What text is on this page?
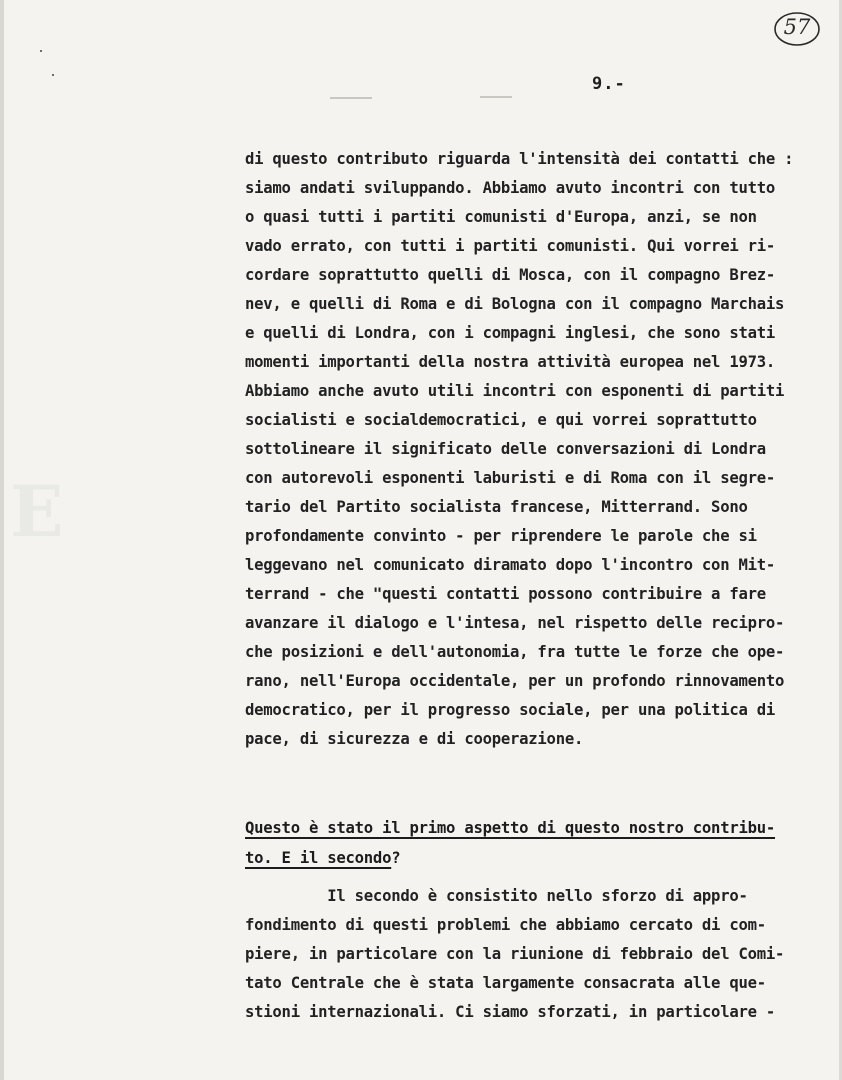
E
57
9.-
di questo contributo riguarda l'intensità dei contatti che :
siamo andati sviluppando. Abbiamo avuto incontri con tutto
o quasi tutti i partiti comunisti d'Europa, anzi, se non
vado errato, con tutti i partiti comunisti. Qui vorrei ri-
cordare soprattutto quelli di Mosca, con il compagno Brez-
nev, e quelli di Roma e di Bologna con il compagno Marchais
e quelli di Londra, con i compagni inglesi, che sono stati
momenti importanti della nostra attività europea nel 1973.
Abbiamo anche avuto utili incontri con esponenti di partiti
socialisti e socialdemocratici, e qui vorrei soprattutto
sottolineare il significato delle conversazioni di Londra
con autorevoli esponenti laburisti e di Roma con il segre-
tario del Partito socialista francese, Mitterrand. Sono
profondamente convinto - per riprendere le parole che si
leggevano nel comunicato diramato dopo l'incontro con Mit-
terrand - che "questi contatti possono contribuire a fare
avanzare il dialogo e l'intesa, nel rispetto delle recipro-
che posizioni e dell'autonomia, fra tutte le forze che ope-
rano, nell'Europa occidentale, per un profondo rinnovamento
democratico, per il progresso sociale, per una politica di
pace, di sicurezza e di cooperazione.
Questo è stato il primo aspetto di questo nostro contribu-
to. E il secondo?
Il secondo è consistito nello sforzo di appro-
fondimento di questi problemi che abbiamo cercato di com-
piere, in particolare con la riunione di febbraio del Comi-
tato Centrale che è stata largamente consacrata alle que-
stioni internazionali. Ci siamo sforzati, in particolare -
